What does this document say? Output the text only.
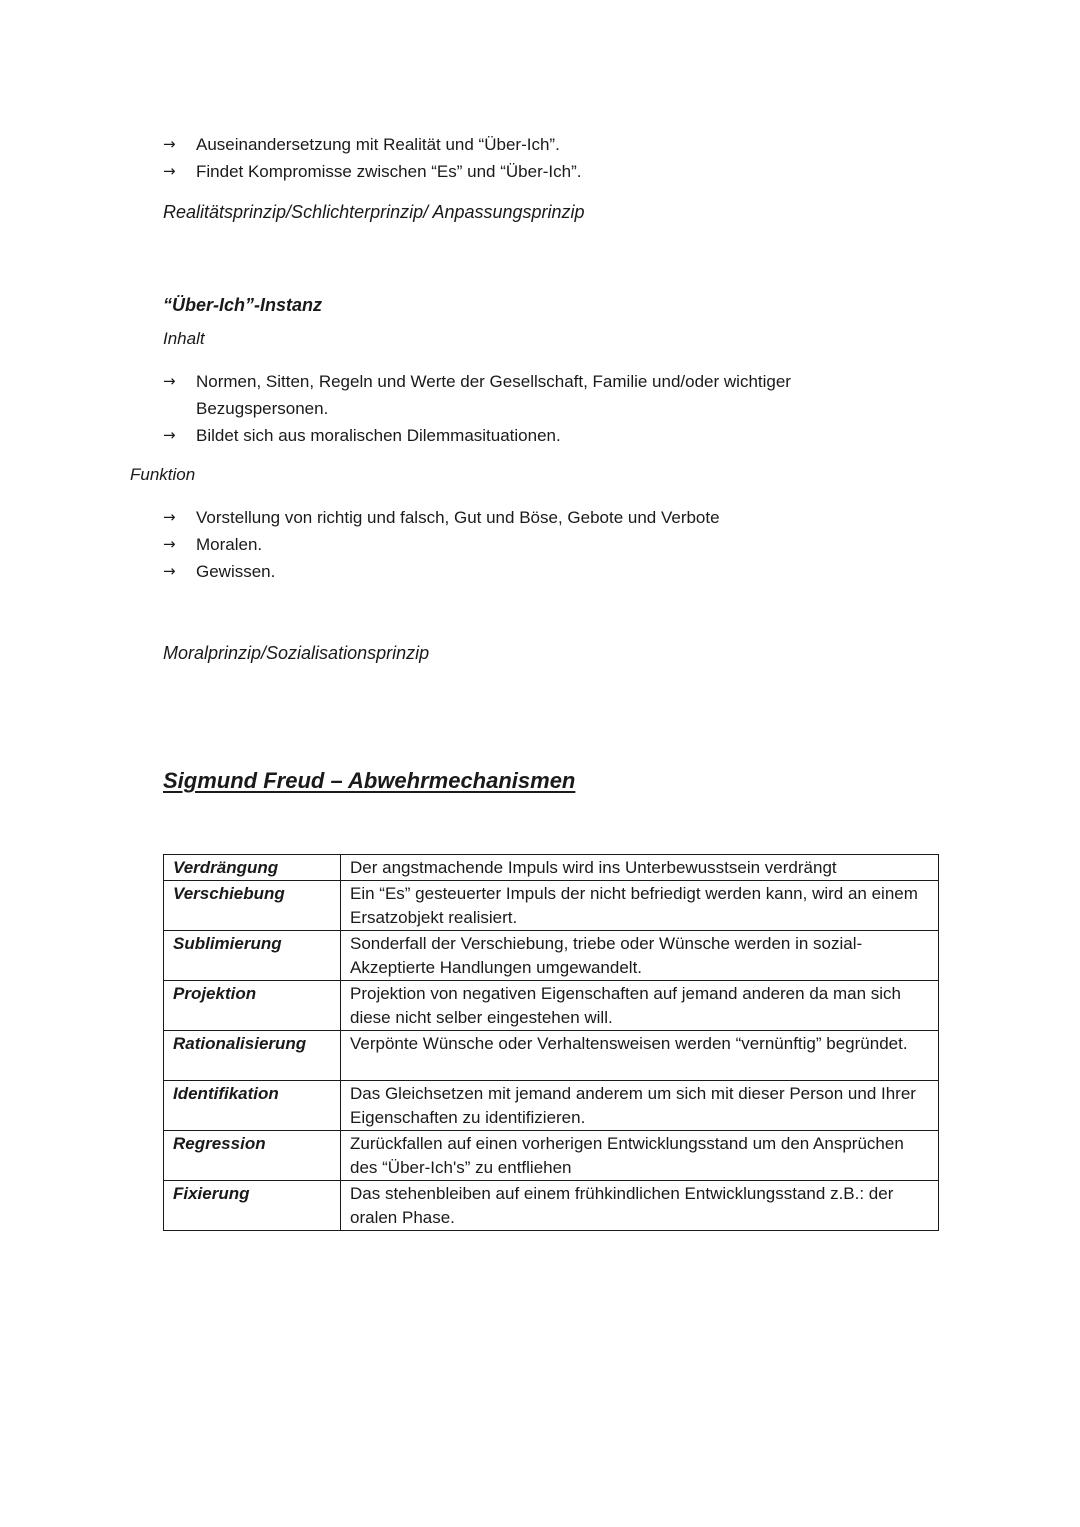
→ Auseinandersetzung mit Realität und “Über-Ich”.
→ Findet Kompromisse zwischen “Es” und “Über-Ich”.

Realitätsprinzip/Schlichterprinzip/ Anpassungsprinzip

“Über-Ich”-Instanz

Inhalt

→ Normen, Sitten, Regeln und Werte der Gesellschaft, Familie und/oder wichtiger Bezugspersonen.
→ Bildet sich aus moralischen Dilemmasituationen.

Funktion

→ Vorstellung von richtig und falsch, Gut und Böse, Gebote und Verbote
→ Moralen.
→ Gewissen.

Moralprinzip/Sozialisationsprinzip

Sigmund Freud – Abwehrmechanismen
Verdrängung	Der angstmachende Impuls wird ins Unterbewusstsein verdrängt
Verschiebung	Ein “Es” gesteuerter Impuls der nicht befriedigt werden kann, wird an einem Ersatzobjekt realisiert.
Sublimierung	Sonderfall der Verschiebung, triebe oder Wünsche werden in sozial-Akzeptierte Handlungen umgewandelt.
Projektion	Projektion von negativen Eigenschaften auf jemand anderen da man sich diese nicht selber eingestehen will.
Rationalisierung	Verpönte Wünsche oder Verhaltensweisen werden “vernünftig” begründet.
Identifikation	Das Gleichsetzen mit jemand anderem um sich mit dieser Person und Ihrer Eigenschaften zu identifizieren.
Regression	Zurückfallen auf einen vorherigen Entwicklungsstand um den Ansprüchen des “Über-Ich's” zu entfliehen
Fixierung	Das stehenbleiben auf einem frühkindlichen Entwicklungsstand z.B.: der oralen Phase.
